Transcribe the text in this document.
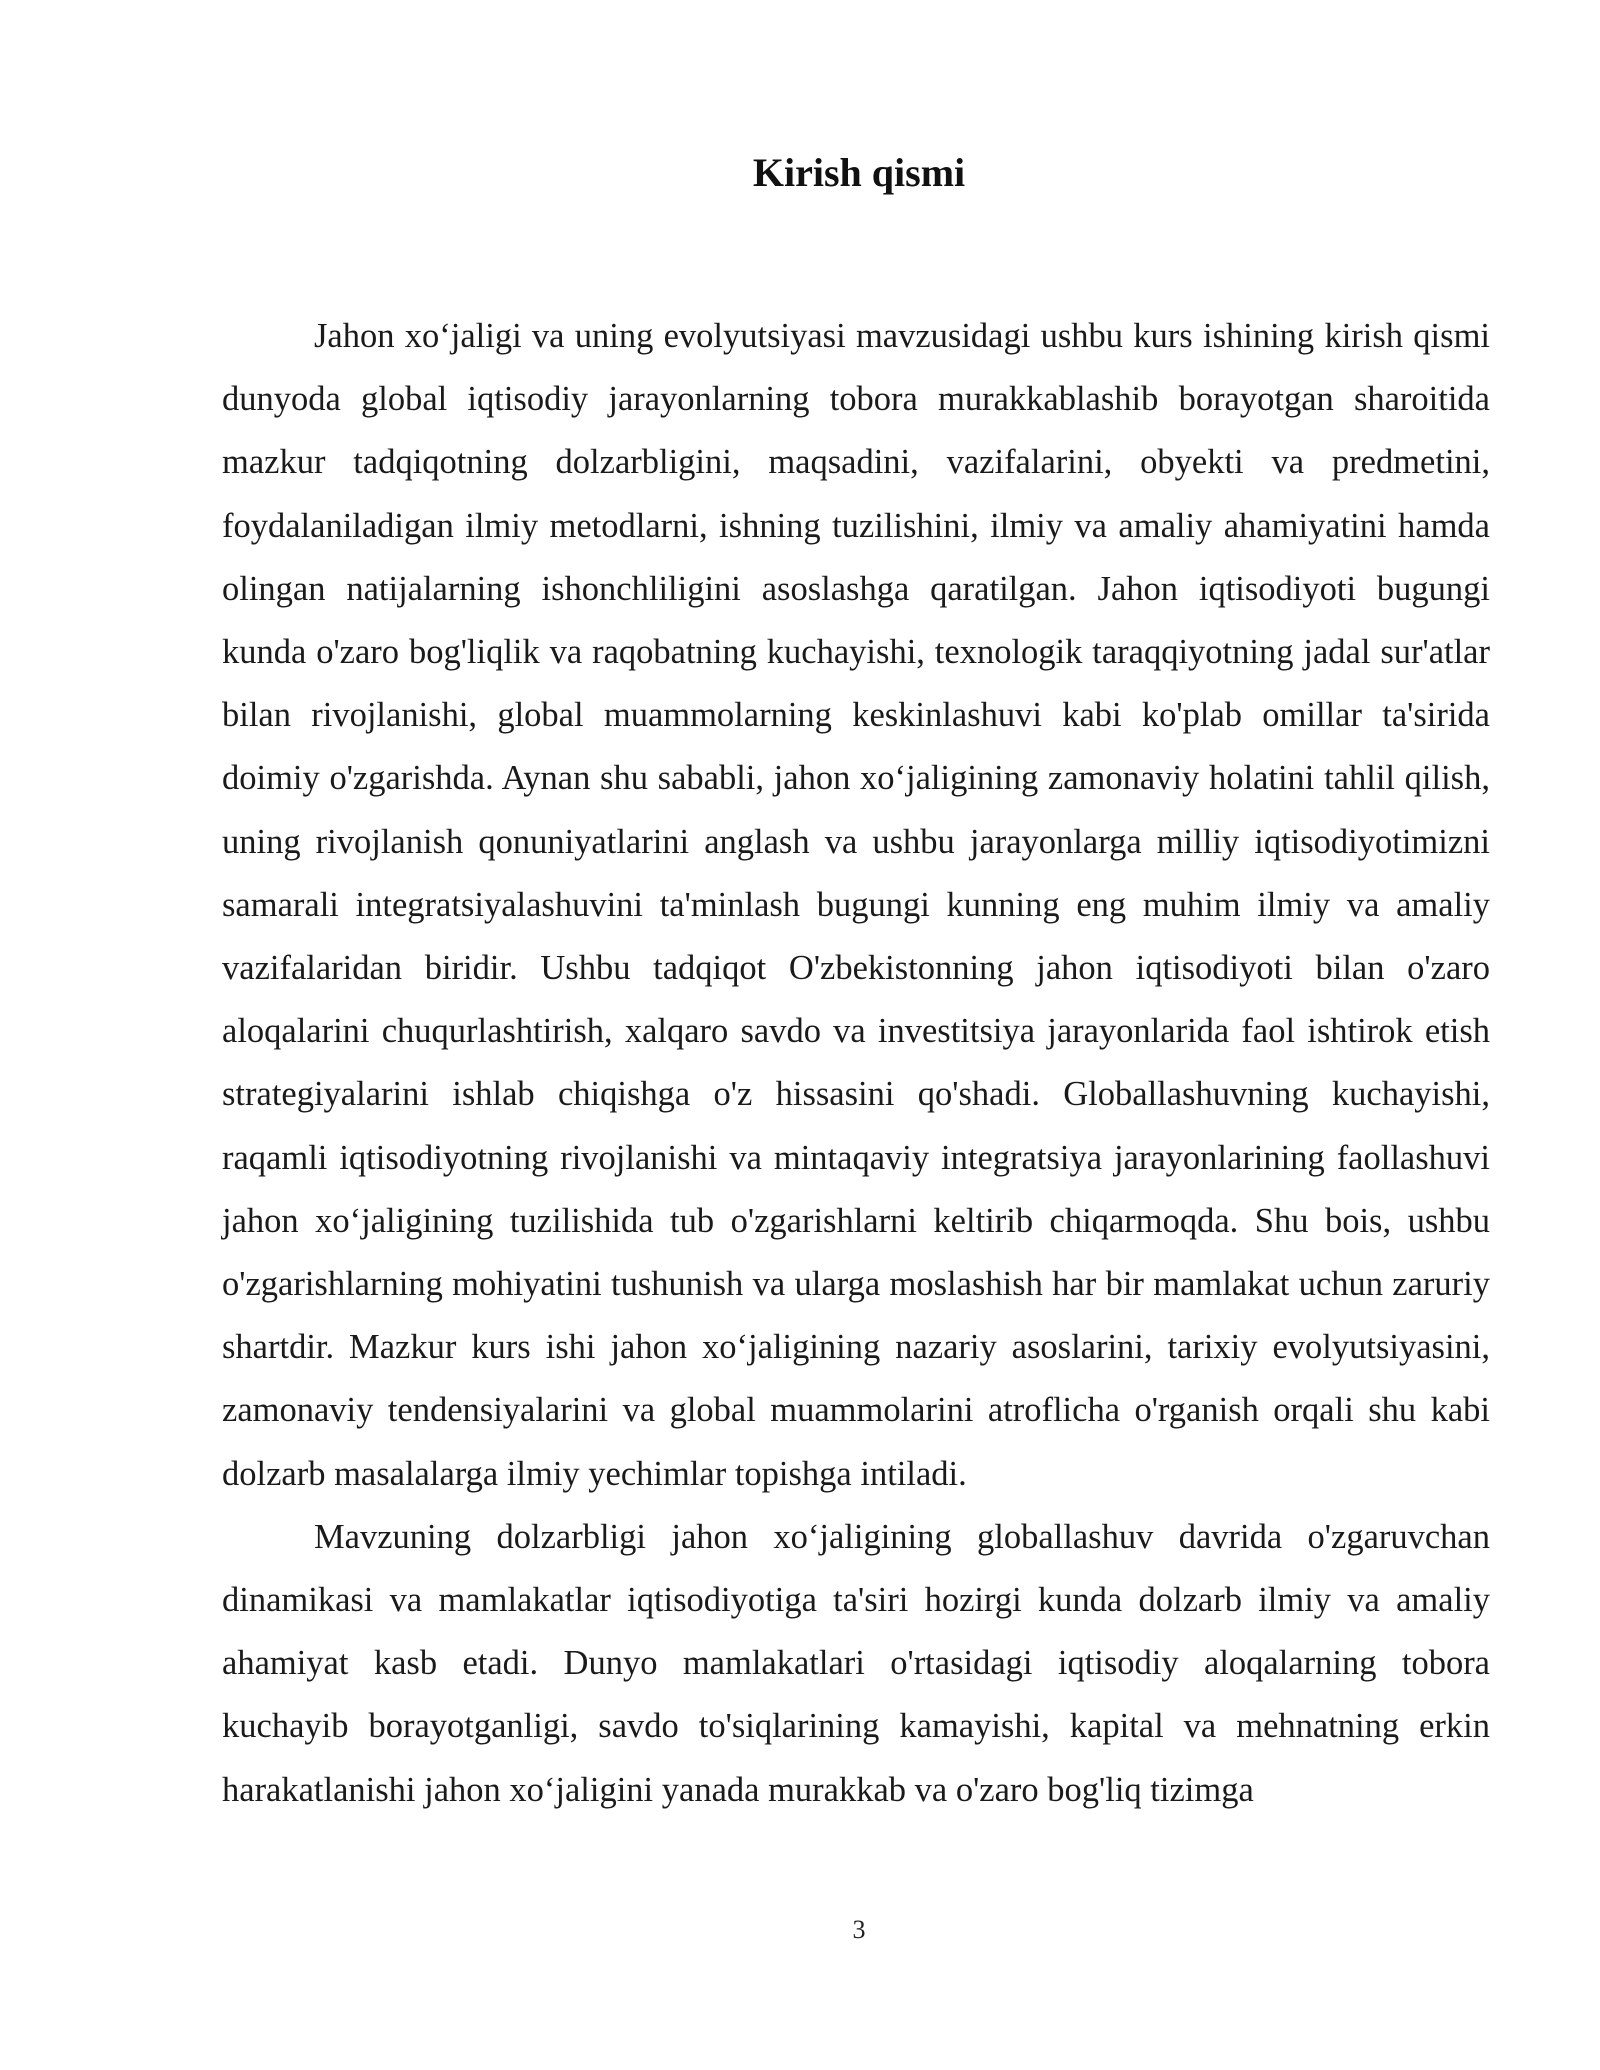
Kirish qismi

Jahon xo‘jaligi va uning evolyutsiyasi mavzusidagi ushbu kurs ishining kirish qismi dunyoda global iqtisodiy jarayonlarning tobora murakkablashib borayotgan sharoitida mazkur tadqiqotning dolzarbligini, maqsadini, vazifalarini, obyekti va predmetini, foydalaniladigan ilmiy metodlarni, ishning tuzilishini, ilmiy va amaliy ahamiyatini hamda olingan natijalarning ishonchliligini asoslashga qaratilgan. Jahon iqtisodiyoti bugungi kunda o'zaro bog'liqlik va raqobatning kuchayishi, texnologik taraqqiyotning jadal sur'atlar bilan rivojlanishi, global muammolarning keskinlashuvi kabi ko'plab omillar ta'sirida doimiy o'zgarishda. Aynan shu sababli, jahon xo‘jaligining zamonaviy holatini tahlil qilish, uning rivojlanish qonuniyatlarini anglash va ushbu jarayonlarga milliy iqtisodiyotimizni samarali integratsiyalashuvini ta'minlash bugungi kunning eng muhim ilmiy va amaliy vazifalaridan biridir. Ushbu tadqiqot O'zbekistonning jahon iqtisodiyoti bilan o'zaro aloqalarini chuqurlashtirish, xalqaro savdo va investitsiya jarayonlarida faol ishtirok etish strategiyalarini ishlab chiqishga o'z hissasini qo'shadi. Globallashuvning kuchayishi, raqamli iqtisodiyotning rivojlanishi va mintaqaviy integratsiya jarayonlarining faollashuvi jahon xo‘jaligining tuzilishida tub o'zgarishlarni keltirib chiqarmoqda. Shu bois, ushbu o'zgarishlarning mohiyatini tushunish va ularga moslashish har bir mamlakat uchun zaruriy shartdir. Mazkur kurs ishi jahon xo‘jaligining nazariy asoslarini, tarixiy evolyutsiyasini, zamonaviy tendensiyalarini va global muammolarini atroflicha o'rganish orqali shu kabi dolzarb masalalarga ilmiy yechimlar topishga intiladi.

Mavzuning dolzarbligi jahon xo‘jaligining globallashuv davrida o'zgaruvchan dinamikasi va mamlakatlar iqtisodiyotiga ta'siri hozirgi kunda dolzarb ilmiy va amaliy ahamiyat kasb etadi. Dunyo mamlakatlari o'rtasidagi iqtisodiy aloqalarning tobora kuchayib borayotganligi, savdo to'siqlarining kamayishi, kapital va mehnatning erkin harakatlanishi jahon xo‘jaligini yanada murakkab va o'zaro bog'liq tizimga

3
